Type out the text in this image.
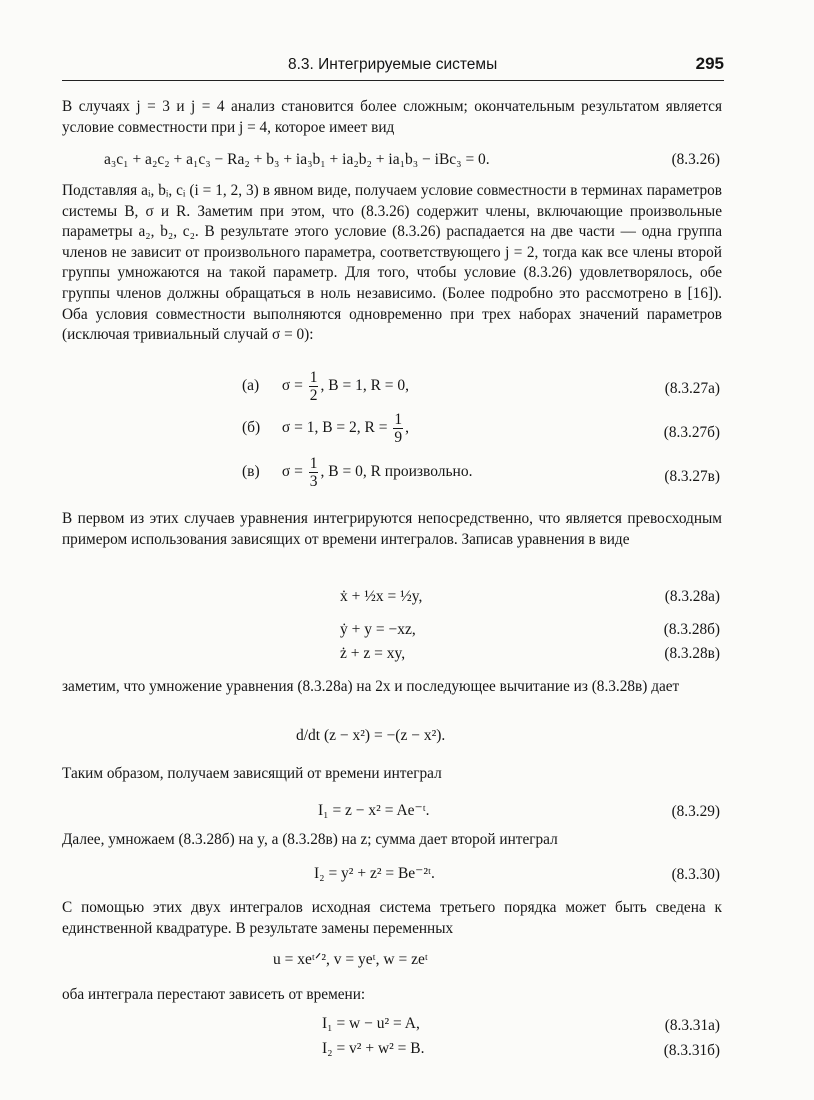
8.3. Интегрируемые системы	295
В случаях j = 3 и j = 4 анализ становится более сложным; окончательным результатом является условие совместности при j = 4, которое имеет вид
a₃c₁ + a₂c₂ + a₁c₃ − Ra₂ + b₃ + ia₃b₁ + ia₂b₂ + ia₁b₃ − iBc₃ = 0.	(8.3.26)
Подставляя aᵢ, bᵢ, cᵢ (i = 1, 2, 3) в явном виде, получаем условие совместности в терминах параметров системы B, σ и R. Заметим при этом, что (8.3.26) содержит члены, включающие произвольные параметры a₂, b₂, c₂. В результате этого условие (8.3.26) распадается на две части — одна группа членов не зависит от произвольного параметра, соответствующего j = 2, тогда как все члены второй группы умножаются на такой параметр. Для того, чтобы условие (8.3.26) удовлетворялось, обе группы членов должны обращаться в ноль независимо. (Более подробно это рассмотрено в [16]). Оба условия совместности выполняются одновременно при трех наборах значений параметров (исключая тривиальный случай σ = 0):
(а) $\sigma = \frac{1}{2}$ , B = 1, R = 0,	(8.3.27а)
(б) σ = 1, B = 2, $R = \frac{1}{9}$ ,	(8.3.27б)
(в) $\sigma = \frac{1}{3}$ , B = 0, R произвольно.	(8.3.27в)
В первом из этих случаев уравнения интегрируются непосредственно, что является превосходным примером использования зависящих от времени интегралов. Записав уравнения в виде
ẋ + ½x = ½y,	(8.3.28а)
ẏ + y = −xz,	(8.3.28б)
ż + z = xy,	(8.3.28в)
заметим, что умножение уравнения (8.3.28а) на 2x и последующее вычитание из (8.3.28в) дает
d/dt (z − x²) = −(z − x²).
Таким образом, получаем зависящий от времени интеграл
I₁ = z − x² = Ae⁻ᵗ.	(8.3.29)
Далее, умножаем (8.3.28б) на y, а (8.3.28в) на z; сумма дает второй интеграл
I₂ = y² + z² = Be⁻²ᵗ.	(8.3.30)
С помощью этих двух интегралов исходная система третьего порядка может быть сведена к единственной квадратуре. В результате замены переменных
u = xeᵗᐟ², v = yeᵗ, w = zeᵗ
оба интеграла перестают зависеть от времени:
I₁ = w − u² = A,	(8.3.31а)
I₂ = v² + w² = B.	(8.3.31б)
